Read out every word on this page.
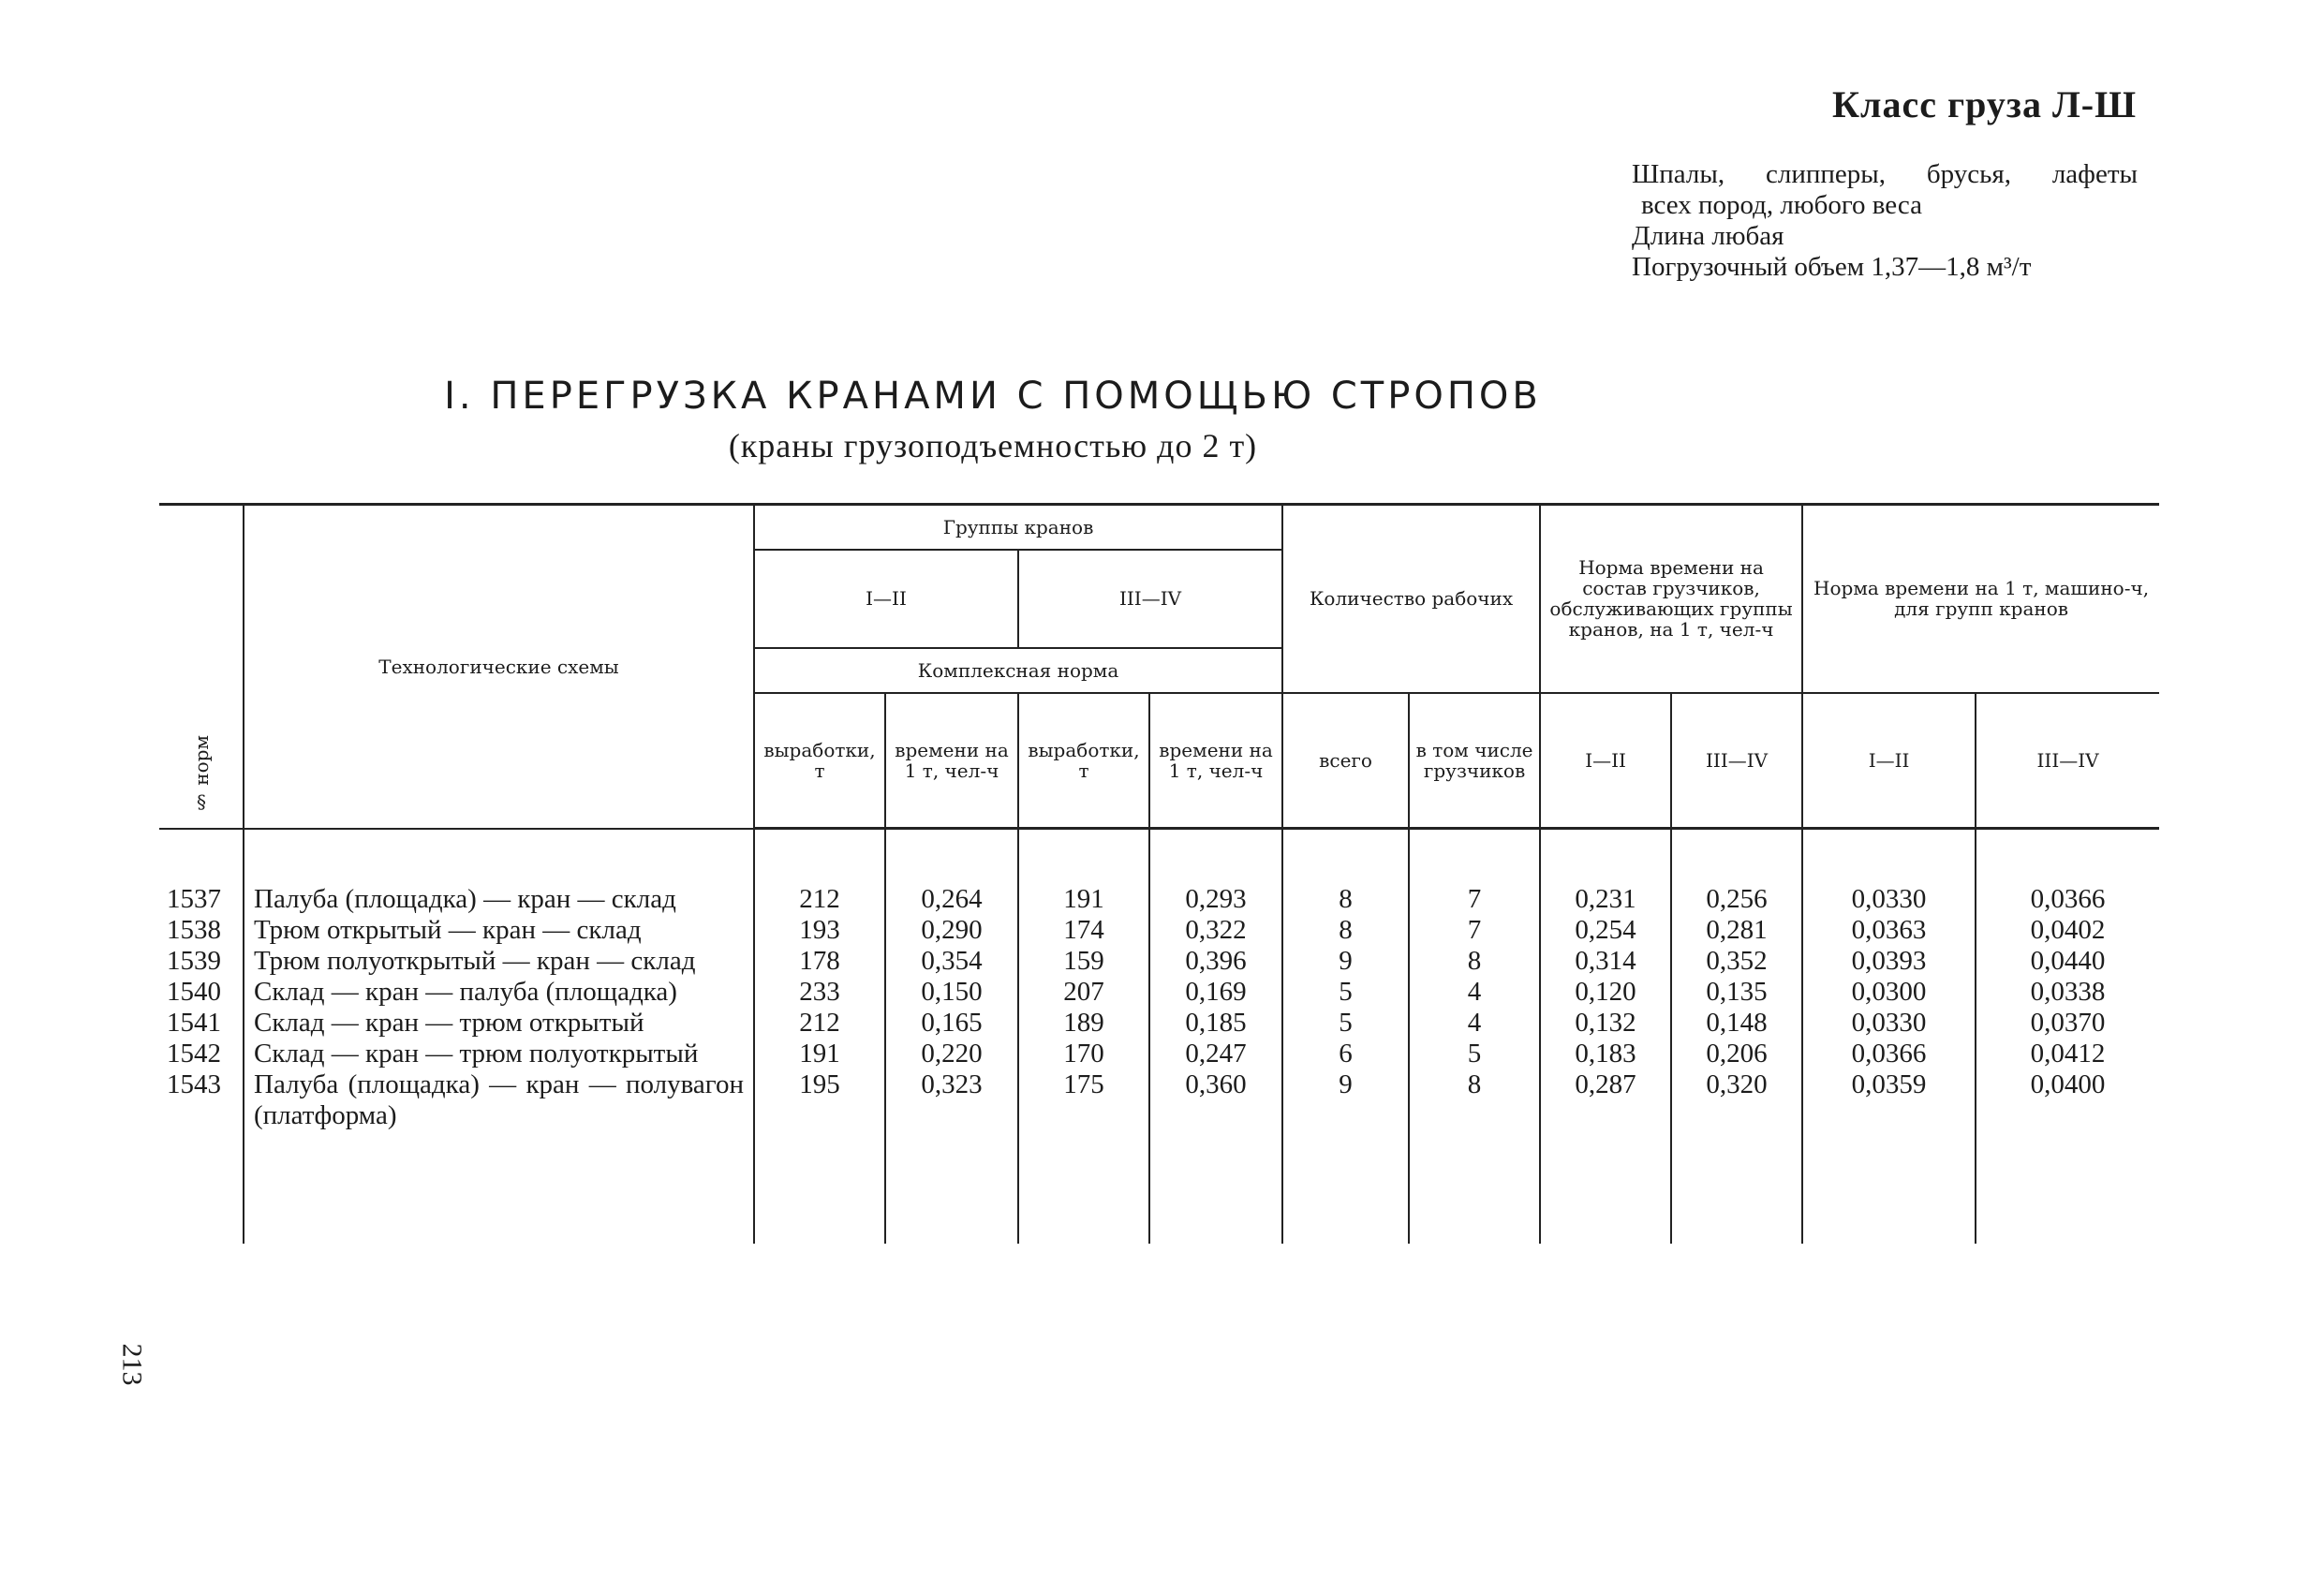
Класс груза Л-Ш
Шпалы, слипперы, брусья, лафеты
всех пород, любого веса
Длина любая
Погрузочный объем 1,37—1,8 м³/т
I. ПЕРЕГРУЗКА КРАНАМИ С ПОМОЩЬЮ СТРОПОВ
(краны грузоподъемностью до 2 т)
§ норм	Технологические схемы	Группы кранов				Количество рабочих		Норма времени на состав грузчиков, обслуживающих группы кранов, на 1 т, чел-ч		Норма времени на 1 т, машино-ч, для групп кранов	
		I—II		III—IV							
		Комплексная норма									
		выработки, т	времени на 1 т, чел-ч	выработки, т	времени на 1 т, чел-ч	всего	в том числе грузчиков	I—II	III—IV	I—II	III—IV
1537	Палуба (площадка) — кран — склад	212	0,264	191	0,293	8	7	0,231	0,256	0,0330	0,0366
1538	Трюм открытый — кран — склад	193	0,290	174	0,322	8	7	0,254	0,281	0,0363	0,0402
1539	Трюм полуоткрытый — кран — склад	178	0,354	159	0,396	9	8	0,314	0,352	0,0393	0,0440
1540	Склад — кран — палуба (площадка)	233	0,150	207	0,169	5	4	0,120	0,135	0,0300	0,0338
1541	Склад — кран — трюм открытый	212	0,165	189	0,185	5	4	0,132	0,148	0,0330	0,0370
1542	Склад — кран — трюм полуоткрытый	191	0,220	170	0,247	6	5	0,183	0,206	0,0366	0,0412
1543	Палуба (площадка) — кран — полувагон (платформа)	195	0,323	175	0,360	9	8	0,287	0,320	0,0359	0,0400

213
